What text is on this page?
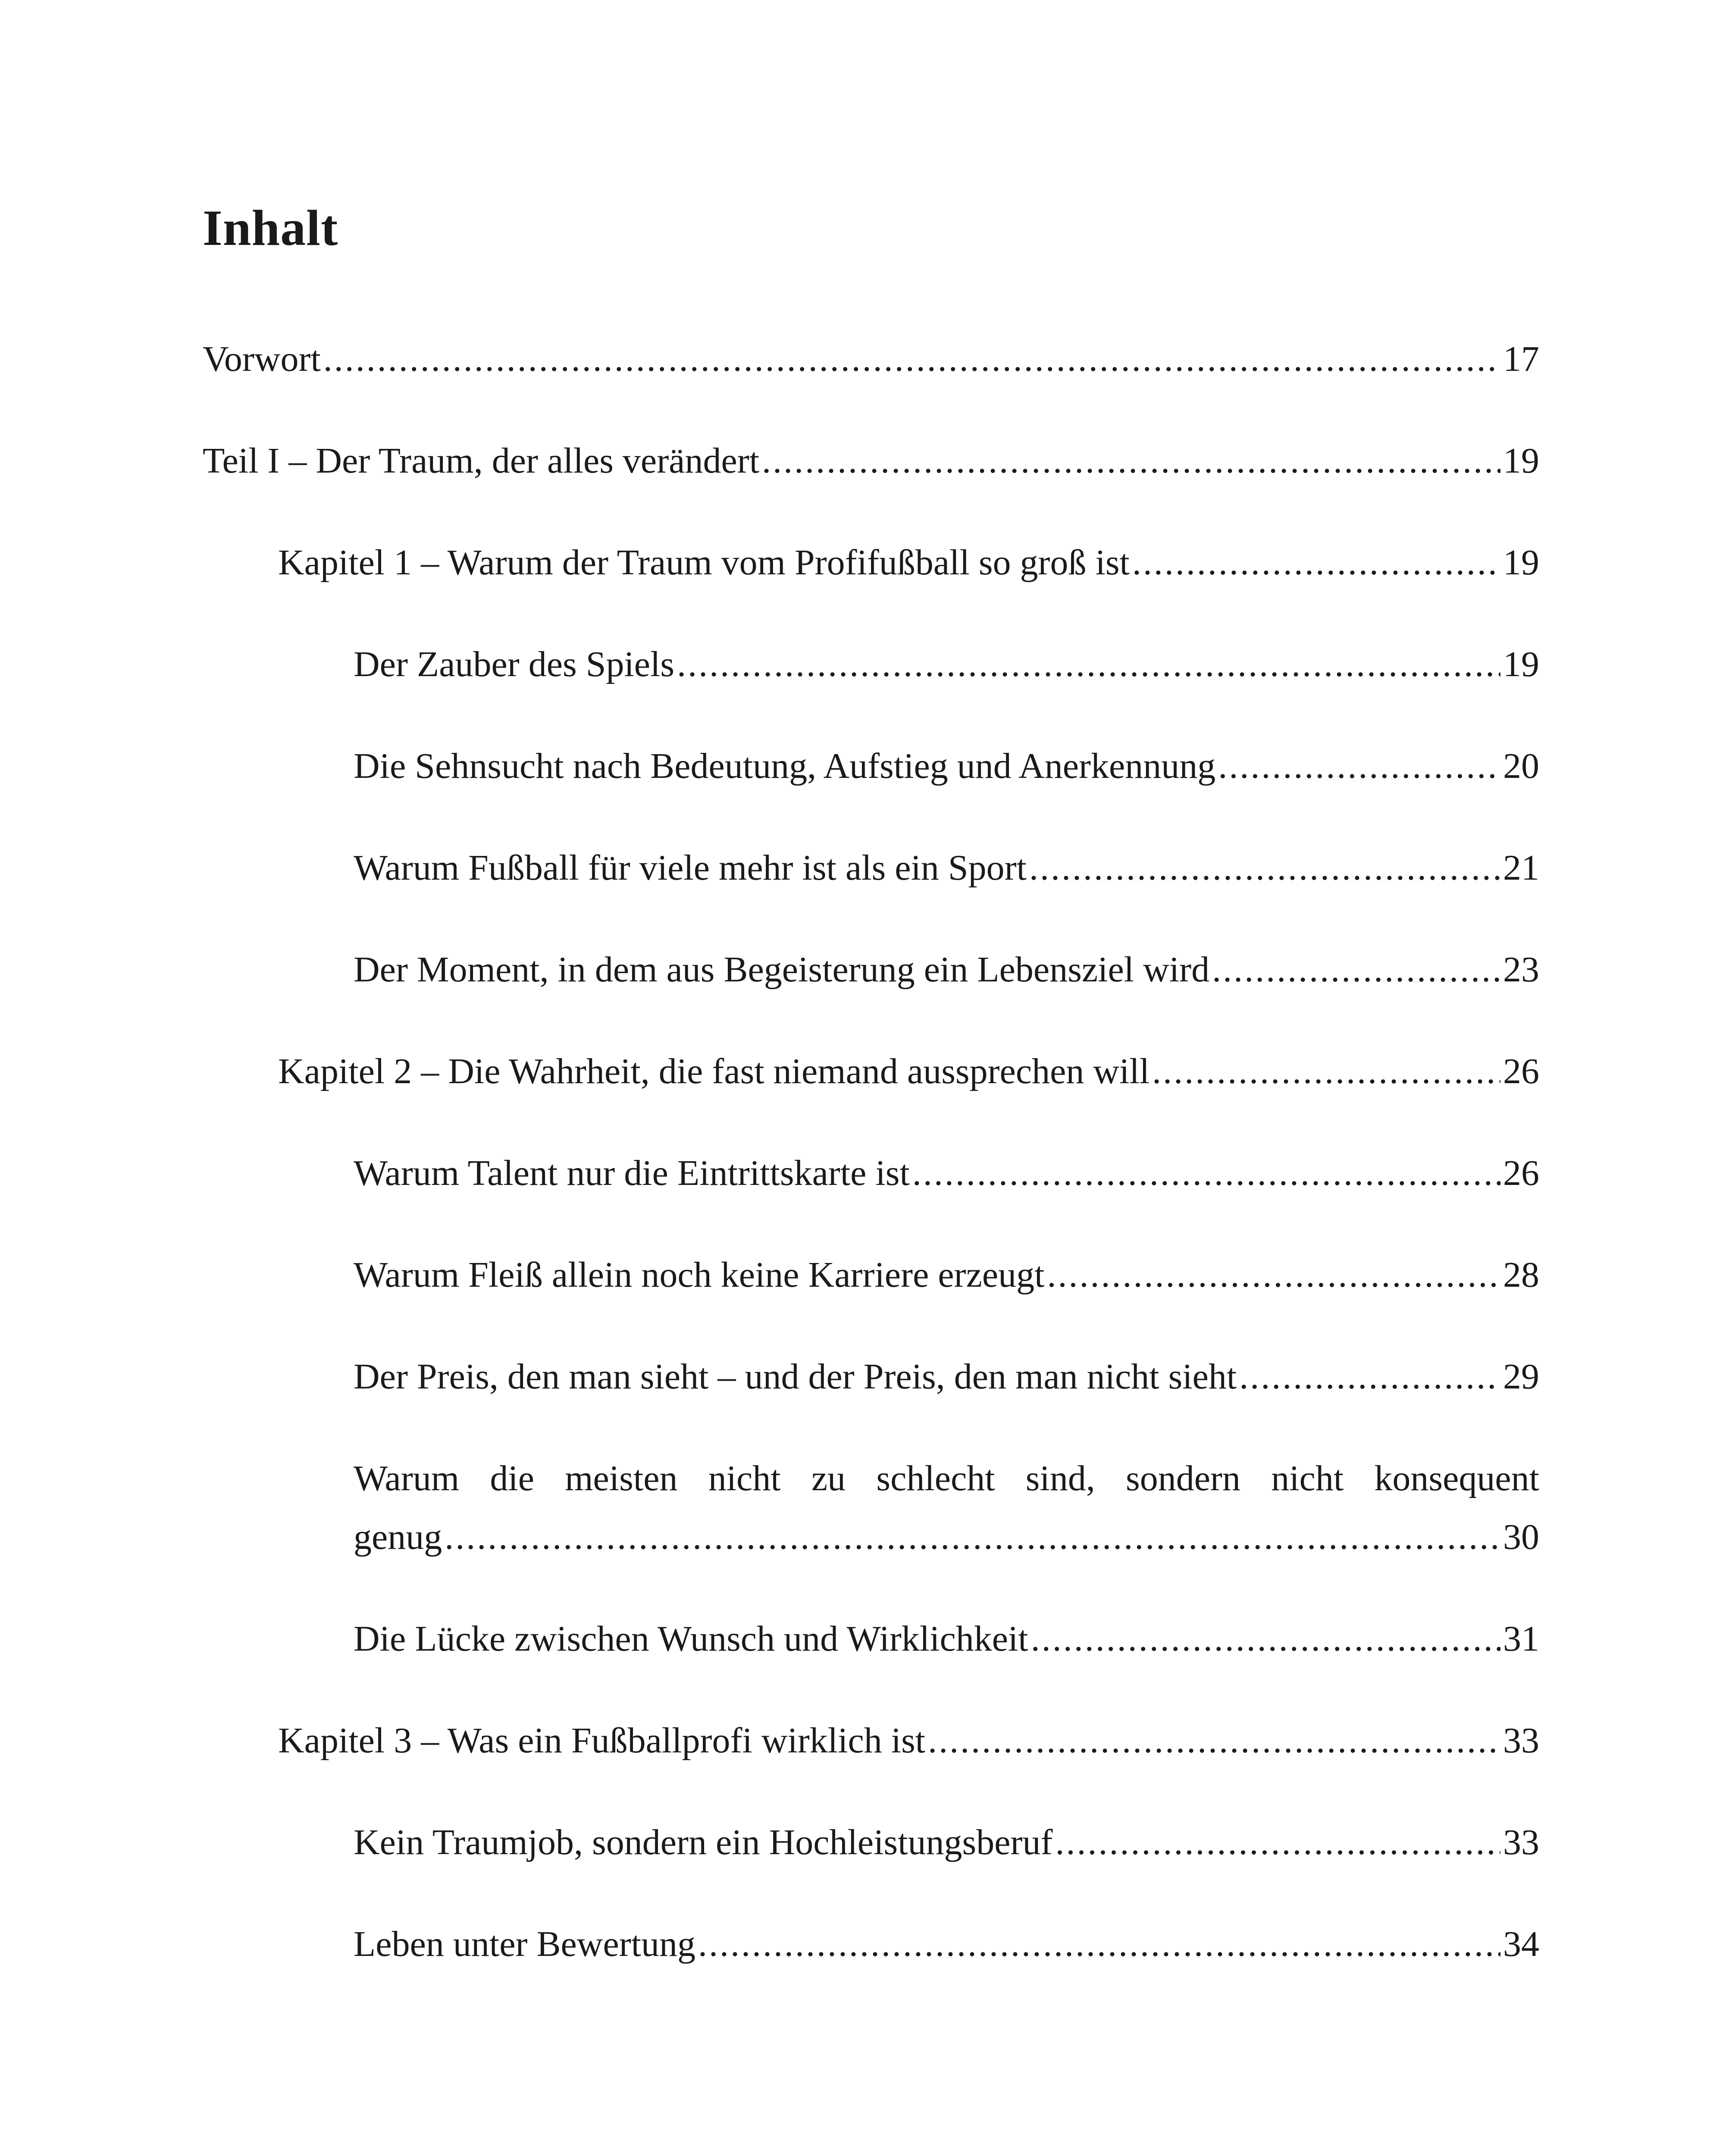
Inhalt
Vorwort .....	17
Teil I – Der Traum, der alles verändert .....	19
Kapitel 1 – Warum der Traum vom Profifußball so groß ist .....	19
Der Zauber des Spiels .....	19
Die Sehnsucht nach Bedeutung, Aufstieg und Anerkennung .....	20
Warum Fußball für viele mehr ist als ein Sport .....	21
Der Moment, in dem aus Begeisterung ein Lebensziel wird .....	23
Kapitel 2 – Die Wahrheit, die fast niemand aussprechen will .....	26
Warum Talent nur die Eintrittskarte ist .....	26
Warum Fleiß allein noch keine Karriere erzeugt .....	28
Der Preis, den man sieht – und der Preis, den man nicht sieht .....	29
Warum die meisten nicht zu schlecht sind, sondern nicht konsequent
genug .....	30
Die Lücke zwischen Wunsch und Wirklichkeit .....	31
Kapitel 3 – Was ein Fußballprofi wirklich ist .....	33
Kein Traumjob, sondern ein Hochleistungsberuf .....	33
Leben unter Bewertung .....	34
